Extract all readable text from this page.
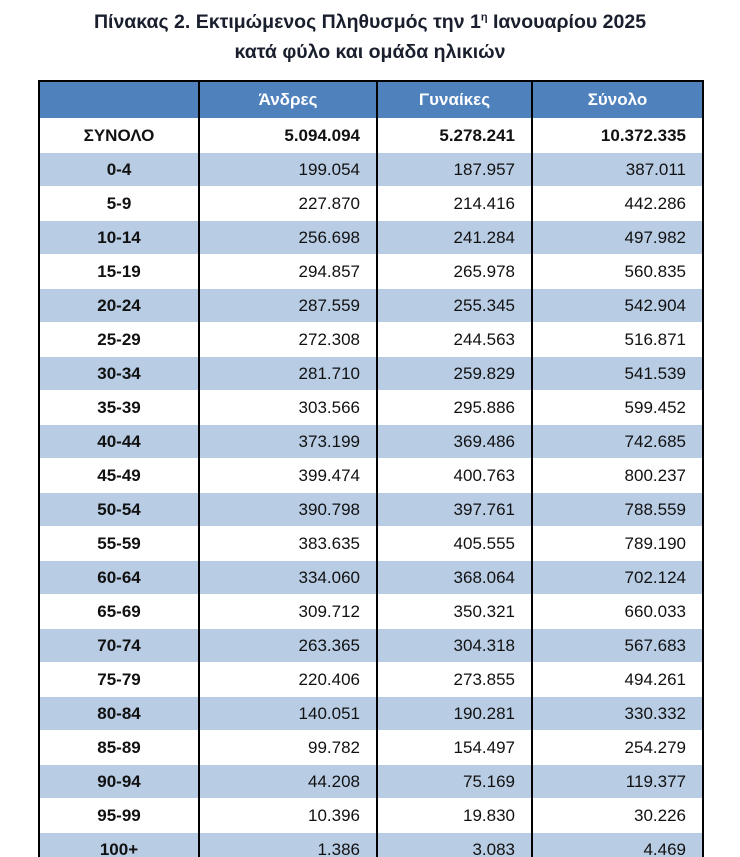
Πίνακας 2. Εκτιμώμενος Πληθυσμός την $1^\eta$ Ιανουαρίου 2025
κατά φύλο και ομάδα ηλικιών
	Άνδρες	Γυναίκες	Σύνολο
ΣΥΝΟΛΟ	5.094.094	5.278.241	10.372.335
0-4	199.054	187.957	387.011
5-9	227.870	214.416	442.286
10-14	256.698	241.284	497.982
15-19	294.857	265.978	560.835
20-24	287.559	255.345	542.904
25-29	272.308	244.563	516.871
30-34	281.710	259.829	541.539
35-39	303.566	295.886	599.452
40-44	373.199	369.486	742.685
45-49	399.474	400.763	800.237
50-54	390.798	397.761	788.559
55-59	383.635	405.555	789.190
60-64	334.060	368.064	702.124
65-69	309.712	350.321	660.033
70-74	263.365	304.318	567.683
75-79	220.406	273.855	494.261
80-84	140.051	190.281	330.332
85-89	99.782	154.497	254.279
90-94	44.208	75.169	119.377
95-99	10.396	19.830	30.226
100+	1.386	3.083	4.469
